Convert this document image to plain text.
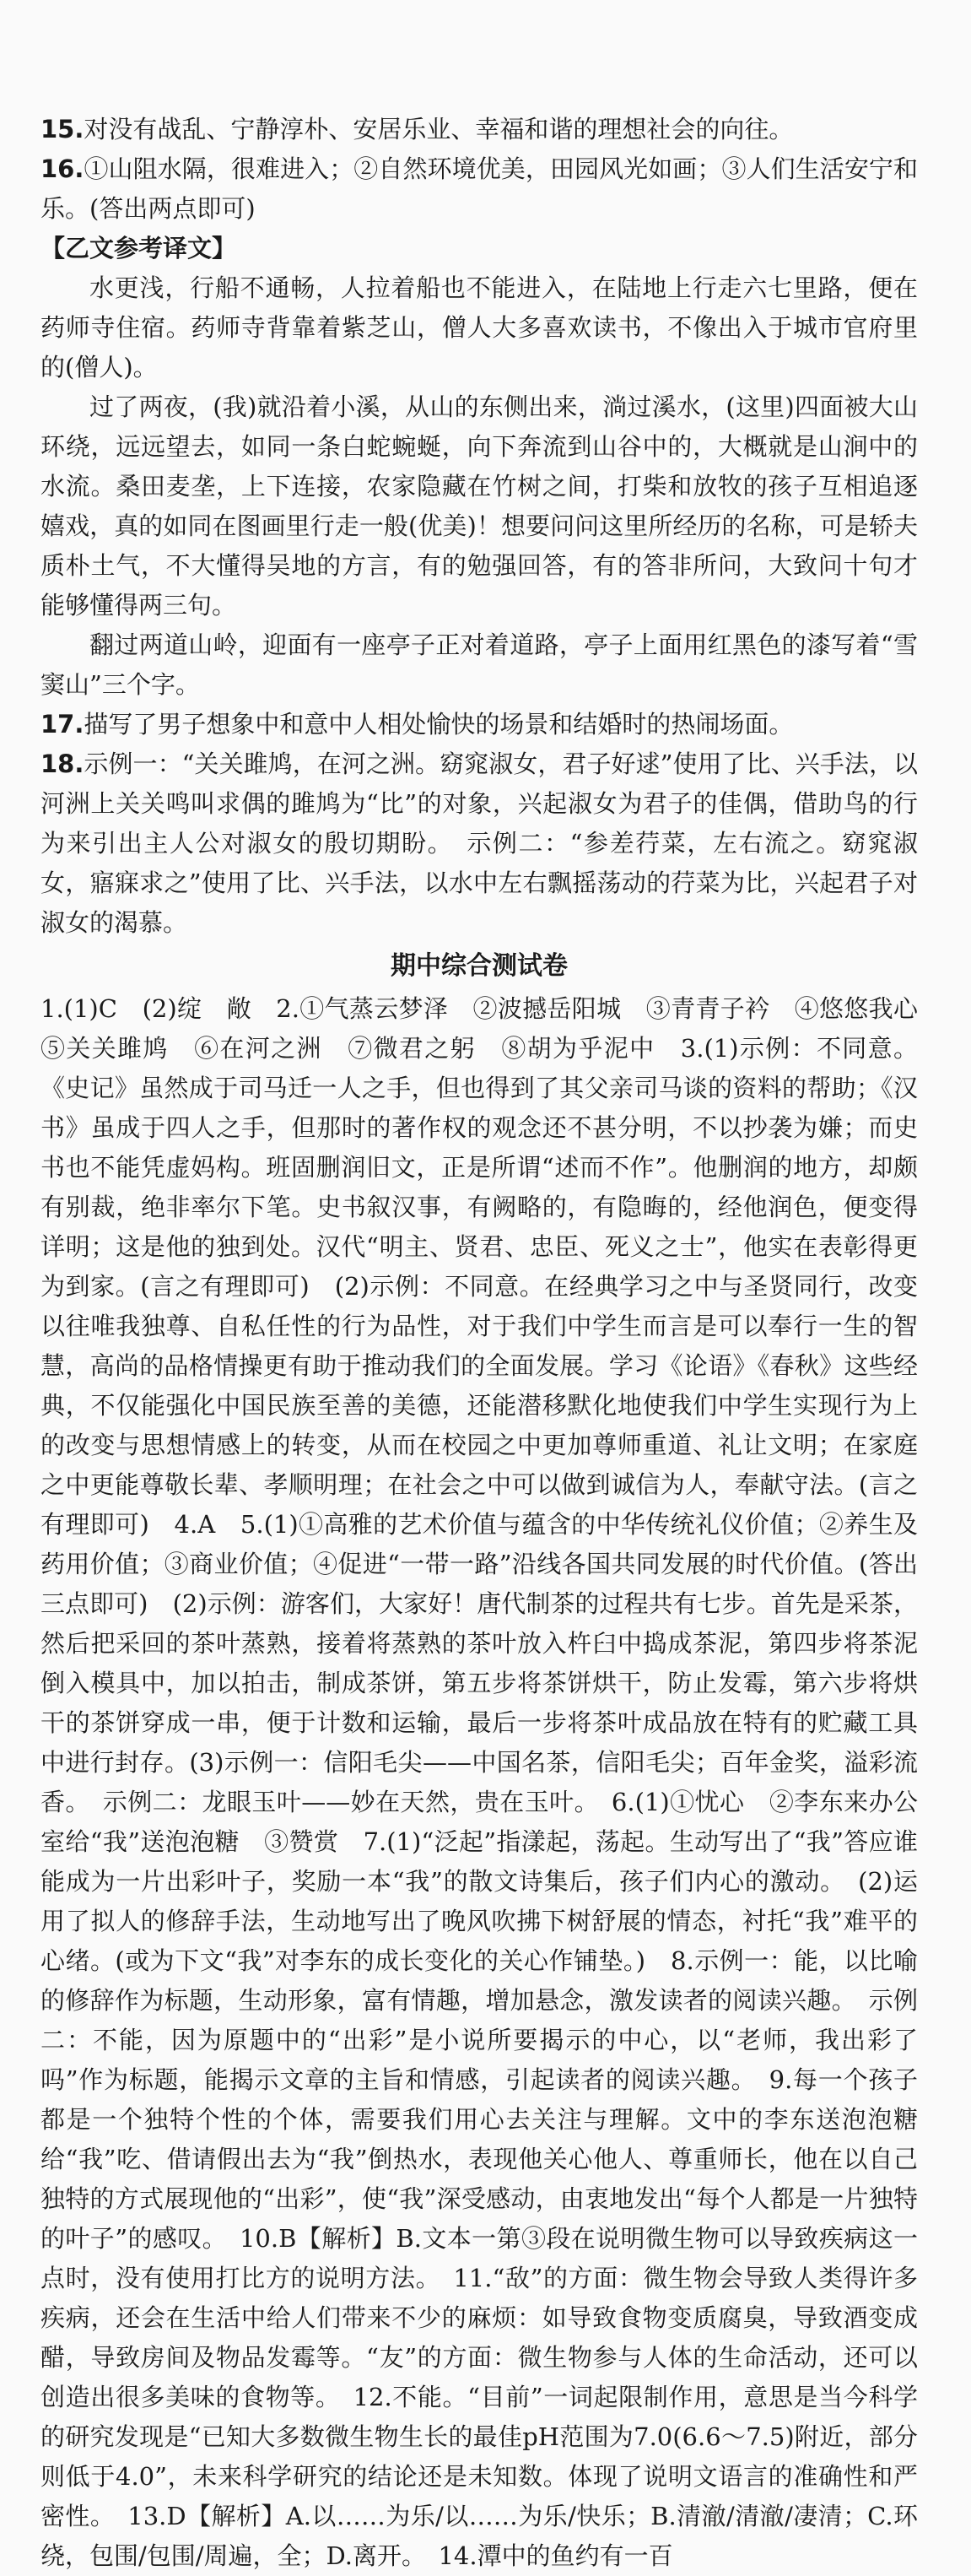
15.对没有战乱、宁静淳朴、安居乐业、幸福和谐的理想社会的向往。

16.①山阻水隔，很难进入；②自然环境优美，田园风光如画；③人们生活安宁和乐。(答出两点即可)

【乙文参考译文】

水更浅，行船不通畅，人拉着船也不能进入，在陆地上行走六七里路，便在药师寺住宿。药师寺背靠着紫芝山，僧人大多喜欢读书，不像出入于城市官府里的(僧人)。

过了两夜，(我)就沿着小溪，从山的东侧出来，淌过溪水，(这里)四面被大山环绕，远远望去，如同一条白蛇蜿蜒，向下奔流到山谷中的，大概就是山涧中的水流。桑田麦垄，上下连接，农家隐藏在竹树之间，打柴和放牧的孩子互相追逐嬉戏，真的如同在图画里行走一般(优美)！想要问问这里所经历的名称，可是轿夫质朴土气，不大懂得吴地的方言，有的勉强回答，有的答非所问，大致问十句才能够懂得两三句。

翻过两道山岭，迎面有一座亭子正对着道路，亭子上面用红黑色的漆写着“雪窦山”三个字。

17.描写了男子想象中和意中人相处愉快的场景和结婚时的热闹场面。

18.示例一：“关关雎鸠，在河之洲。窈窕淑女，君子好逑”使用了比、兴手法，以河洲上关关鸣叫求偶的雎鸠为“比”的对象，兴起淑女为君子的佳偶，借助鸟的行为来引出主人公对淑女的殷切期盼。　示例二：“参差荇菜，左右流之。窈窕淑女，寤寐求之”使用了比、兴手法，以水中左右飘摇荡动的荇菜为比，兴起君子对淑女的渴慕。

期中综合测试卷

1.(1)C　(2)绽　敞　2.①气蒸云梦泽　②波撼岳阳城　③青青子衿　④悠悠我心　⑤关关雎鸠　⑥在河之洲　⑦微君之躬　⑧胡为乎泥中　3.(1)示例：不同意。《史记》虽然成于司马迁一人之手，但也得到了其父亲司马谈的资料的帮助；《汉书》虽成于四人之手，但那时的著作权的观念还不甚分明，不以抄袭为嫌；而史书也不能凭虚妈构。班固删润旧文，正是所谓“述而不作”。他删润的地方，却颇有别裁，绝非率尔下笔。史书叙汉事，有阙略的，有隐晦的，经他润色，便变得详明；这是他的独到处。汉代“明主、贤君、忠臣、死义之士”，他实在表彰得更为到家。(言之有理即可)　(2)示例：不同意。在经典学习之中与圣贤同行，改变以往唯我独尊、自私任性的行为品性，对于我们中学生而言是可以奉行一生的智慧，高尚的品格情操更有助于推动我们的全面发展。学习《论语》《春秋》这些经典，不仅能强化中国民族至善的美德，还能潜移默化地使我们中学生实现行为上的改变与思想情感上的转变，从而在校园之中更加尊师重道、礼让文明；在家庭之中更能尊敬长辈、孝顺明理；在社会之中可以做到诚信为人，奉献守法。(言之有理即可)　4.A　5.(1)①高雅的艺术价值与蕴含的中华传统礼仪价值；②养生及药用价值；③商业价值；④促进“一带一路”沿线各国共同发展的时代价值。(答出三点即可)　(2)示例：游客们，大家好！唐代制茶的过程共有七步。首先是采茶，然后把采回的茶叶蒸熟，接着将蒸熟的茶叶放入杵臼中捣成茶泥，第四步将茶泥倒入模具中，加以拍击，制成茶饼，第五步将茶饼烘干，防止发霉，第六步将烘干的茶饼穿成一串，便于计数和运输，最后一步将茶叶成品放在特有的贮藏工具中进行封存。(3)示例一：信阳毛尖——中国名茶，信阳毛尖；百年金奖，溢彩流香。　示例二：龙眼玉叶——妙在天然，贵在玉叶。　6.(1)①忧心　②李东来办公室给“我”送泡泡糖　③赞赏　7.(1)“泛起”指漾起，荡起。生动写出了“我”答应谁能成为一片出彩叶子，奖励一本“我”的散文诗集后，孩子们内心的激动。　(2)运用了拟人的修辞手法，生动地写出了晚风吹拂下树舒展的情态，衬托“我”难平的心绪。(或为下文“我”对李东的成长变化的关心作铺垫。)　8.示例一：能，以比喻的修辞作为标题，生动形象，富有情趣，增加悬念，激发读者的阅读兴趣。　示例二：不能，因为原题中的“出彩”是小说所要揭示的中心，以“老师，我出彩了吗”作为标题，能揭示文章的主旨和情感，引起读者的阅读兴趣。　9.每一个孩子都是一个独特个性的个体，需要我们用心去关注与理解。文中的李东送泡泡糖给“我”吃、借请假出去为“我”倒热水，表现他关心他人、尊重师长，他在以自己独特的方式展现他的“出彩”，使“我”深受感动，由衷地发出“每个人都是一片独特的叶子”的感叹。　10.B【解析】B.文本一第③段在说明微生物可以导致疾病这一点时，没有使用打比方的说明方法。　11.“敌”的方面：微生物会导致人类得许多疾病，还会在生活中给人们带来不少的麻烦：如导致食物变质腐臭，导致酒变成醋，导致房间及物品发霉等。“友”的方面：微生物参与人体的生命活动，还可以创造出很多美味的食物等。　12.不能。“目前”一词起限制作用，意思是当今科学的研究发现是“已知大多数微生物生长的最佳pH范围为7.0(6.6～7.5)附近，部分则低于4.0”，未来科学研究的结论还是未知数。体现了说明文语言的准确性和严密性。　13.D【解析】A.以……为乐/以……为乐/快乐；B.清澈/清澈/凄清；C.环绕，包围/包围/周遍，全；D.离开。　14.潭中的鱼约有一百
